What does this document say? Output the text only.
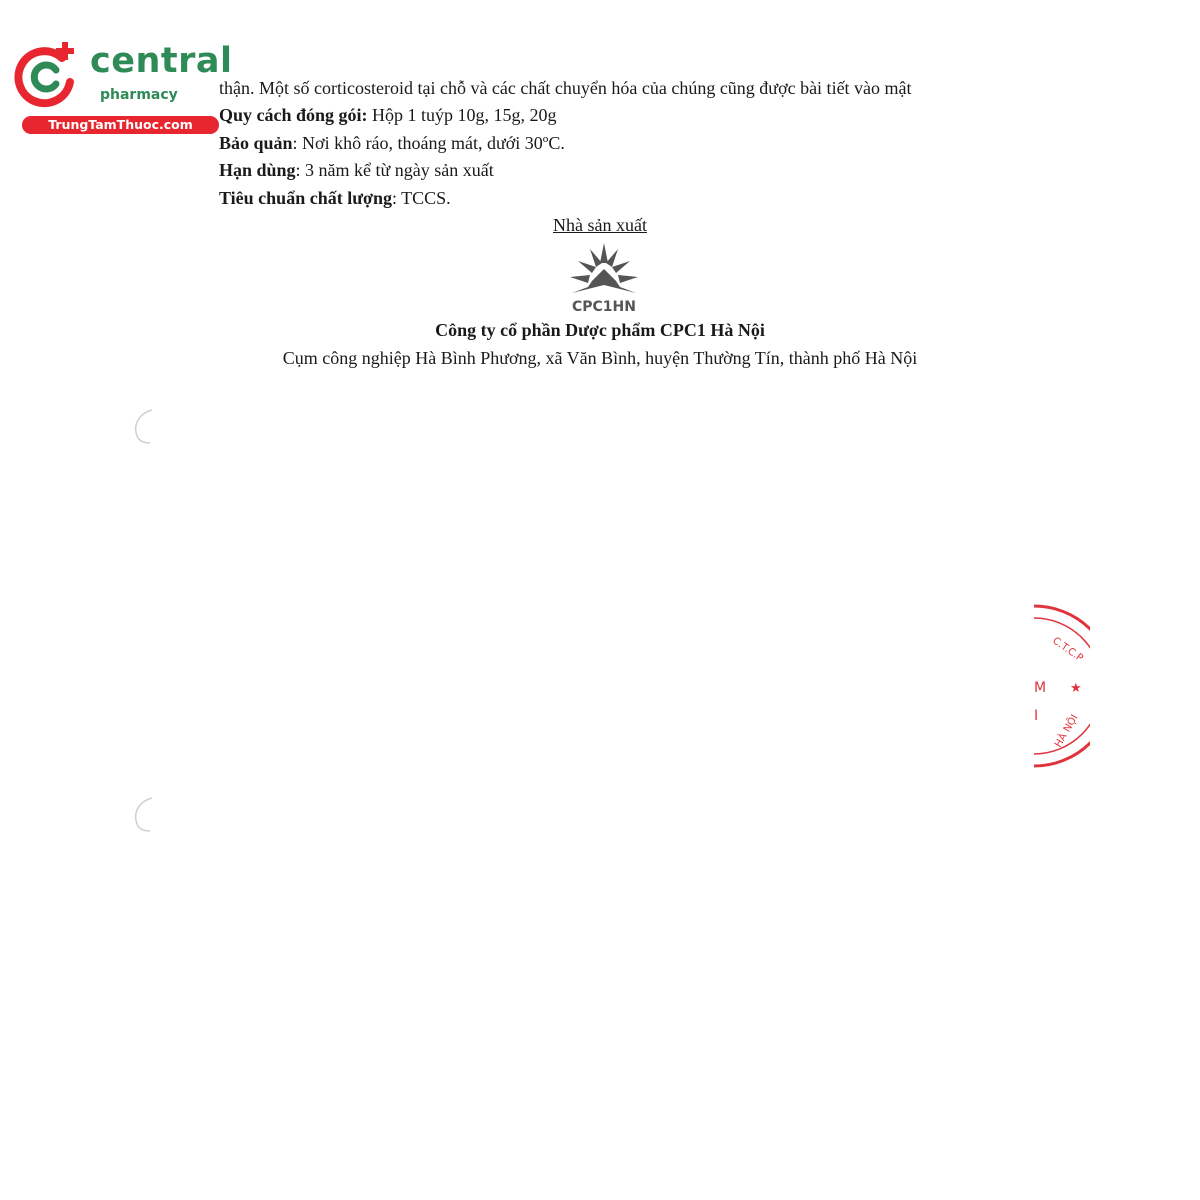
central
pharmacy
TrungTamThuoc.com
thận. Một số corticosteroid tại chỗ và các chất chuyển hóa của chúng cũng được bài tiết vào mật
Quy cách đóng gói: Hộp 1 tuýp 10g, 15g, 20g
Bảo quản: Nơi khô ráo, thoáng mát, dưới 30ºC.
Hạn dùng: 3 năm kể từ ngày sản xuất
Tiêu chuẩn chất lượng: TCCS.
Nhà sản xuất
CPC1HN
Công ty cổ phần Dược phẩm CPC1 Hà Nội
Cụm công nghiệp Hà Bình Phương, xã Văn Bình, huyện Thường Tín, thành phố Hà Nội
C.T.C.P
★
M
I HÀ NỘI
